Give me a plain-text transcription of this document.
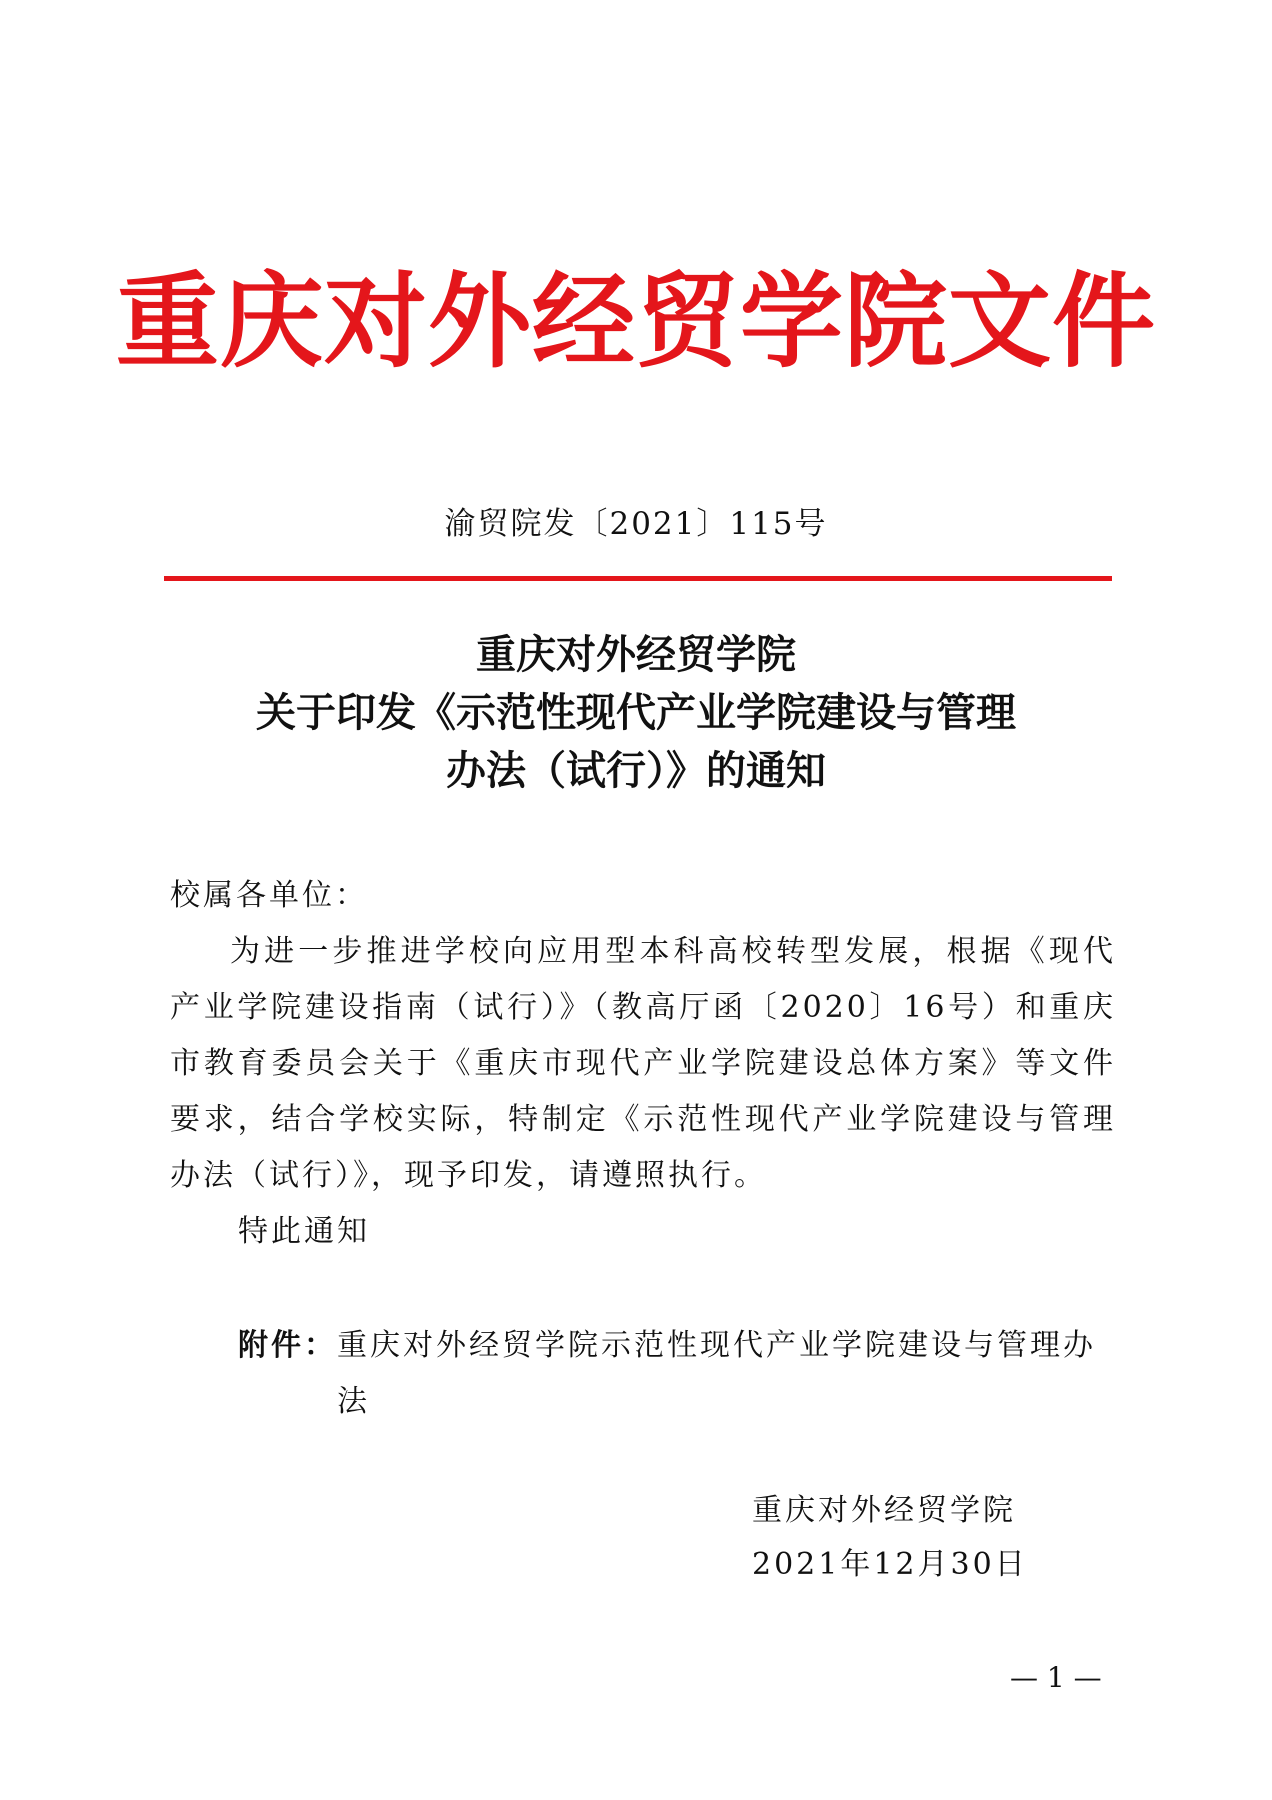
重庆对外经贸学院文件
渝贸院发〔2021〕115号
重庆对外经贸学院
关于印发《示范性现代产业学院建设与管理
办法（试行）》的通知
校属各单位：
为进一步推进学校向应用型本科高校转型发展，根据《现代产业学院建设指南（试行）》（教高厅函〔2020〕16号）和重庆市教育委员会关于《重庆市现代产业学院建设总体方案》等文件要求，结合学校实际，特制定《示范性现代产业学院建设与管理办法（试行）》，现予印发，请遵照执行。
特此通知
附件： 重庆对外经贸学院示范性现代产业学院建设与管理办法
重庆对外经贸学院
2021年12月30日
— 1 —
